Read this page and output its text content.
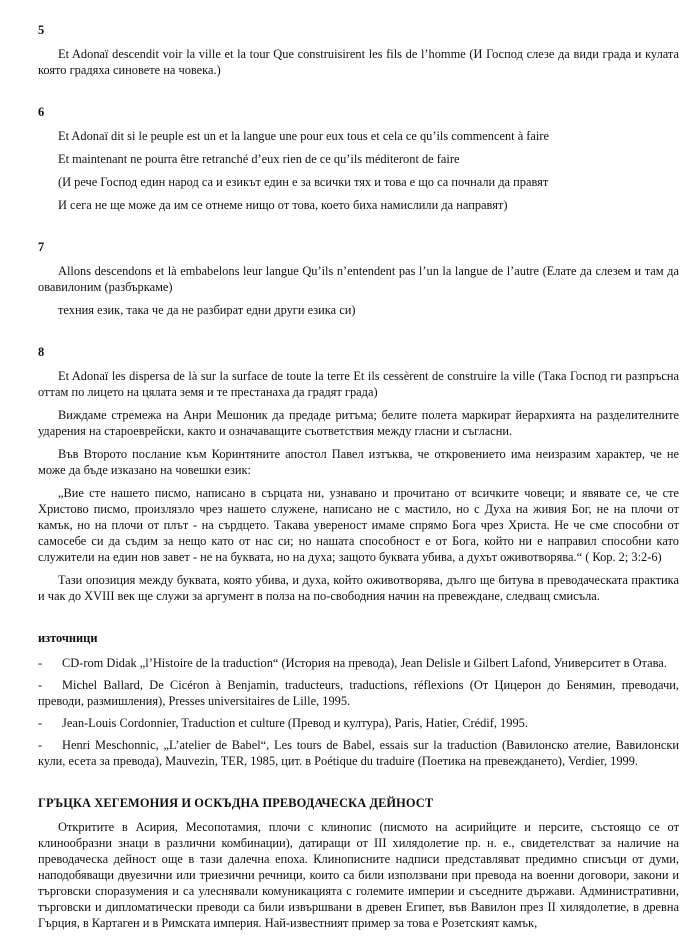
5

Et Adonaï descendit voir la ville et la tour Que construisirent les fils de l’homme (И Господ слезе да види града и кулата която градяха синовете на човека.)

6

Et Adonaï dit si le peuple est un et la langue une pour eux tous et cela ce qu’ils commencent à faire

Et maintenant ne pourra être retranché d’eux rien de ce qu’ils méditeront de faire

(И рече Господ един народ са и езикът един е за всички тях и това е що са почнали да правят

И сега не ще може да им се отнеме нищо от това, което биха намислили да направят)

7

Allons descendons et là embabelons leur langue Qu’ils n’entendent pas l’un la langue de l’autre (Елате да слезем и там да овавилоним (разбъркаме)

техния език, така че да не разбират едни други езика си)

8

Et Adonaï les dispersa de là sur la surface de toute la terre Et ils cessèrent de construire la ville (Така Господ ги разпръсна оттам по лицето на цялата земя и те престанаха да градят града)

Виждаме стремежа на Анри Мешоник да предаде ритъма; белите полета маркират йерархията на разделителните ударения на староеврейски, както и означаващите съответствия между гласни и съгласни.

Във Второто послание към Коринтяните апостол Павел изтъква, че откровението има неизразим характер, че не може да бъде изказано на човешки език:

„Вие сте нашето писмо, написано в сърцата ни, узнавано и прочитано от всичките човеци; и явявате се, че сте Христово писмо, произлязло чрез нашето служене, написано не с мастило, но с Духа на живия Бог, не на плочи от камък, но на плочи от плът - на сърдцето. Такава увереност имаме спрямо Бога чрез Христа. Не че сме способни от самосебе си да съдим за нещо като от нас си; но нашата способност е от Бога, който ни е направил способни като служители на един нов завет - не на буквата, но на духа; защото буквата убива, а духът оживотворява.“ ( Кор. 2; 3:2-6)

Тази опозиция между буквата, която убива, и духа, който оживотворява, дълго ще битува в преводаческата практика и чак до XVIII век ще служи за аргумент в полза на по-свободния начин на превеждане, следващ смисъла.

източници

- CD-rom Didak „l’Histoire de la traduction“ (История на превода), Jean Delisle и Gilbert Lafond, Университет в Отава.

- Michel Ballard, De Cicéron à Benjamin, traducteurs, traductions, réflexions (От Цицерон до Бенямин, преводачи, преводи, размишления), Presses universitaires de Lille, 1995.

- Jean-Louis Cordonnier, Traduction et culture (Превод и култура), Paris, Hatier, Crédif, 1995.

- Henri Meschonnic, „L’atelier de Babel“, Les tours de Babel, essais sur la traduction (Вавилонско ателие, Вавилонски кули, есета за превода), Mauvezin, TER, 1985, цит. в Poétique du traduire (Поетика на превеждането), Verdier, 1999.

ГРЪЦКА ХЕГЕМОНИЯ И ОСКЪДНА ПРЕВОДАЧЕСКА ДЕЙНОСТ

Откритите в Асирия, Месопотамия, плочи с клинопис (писмото на асирийците и персите, състоящо се от клинообразни знаци в различни комбинации), датиращи от III хилядолетие пр. н. е., свидетелстват за наличие на преводаческа дейност още в тази далечна епоха. Клинописните надписи представляват предимно списъци от думи, наподобяващи двуезични или триезични речници, които са били използвани при превода на военни договори, закони и търговски споразумения и са улеснявали комуникацията с големите империи и съседните държави. Административни, търговски и дипломатически преводи са били извършвани в древен Египет, във Вавилон през II хилядолетие, в древна Гърция, в Картаген и в Римската империя. Най-известният пример за това е Розетският камък,
